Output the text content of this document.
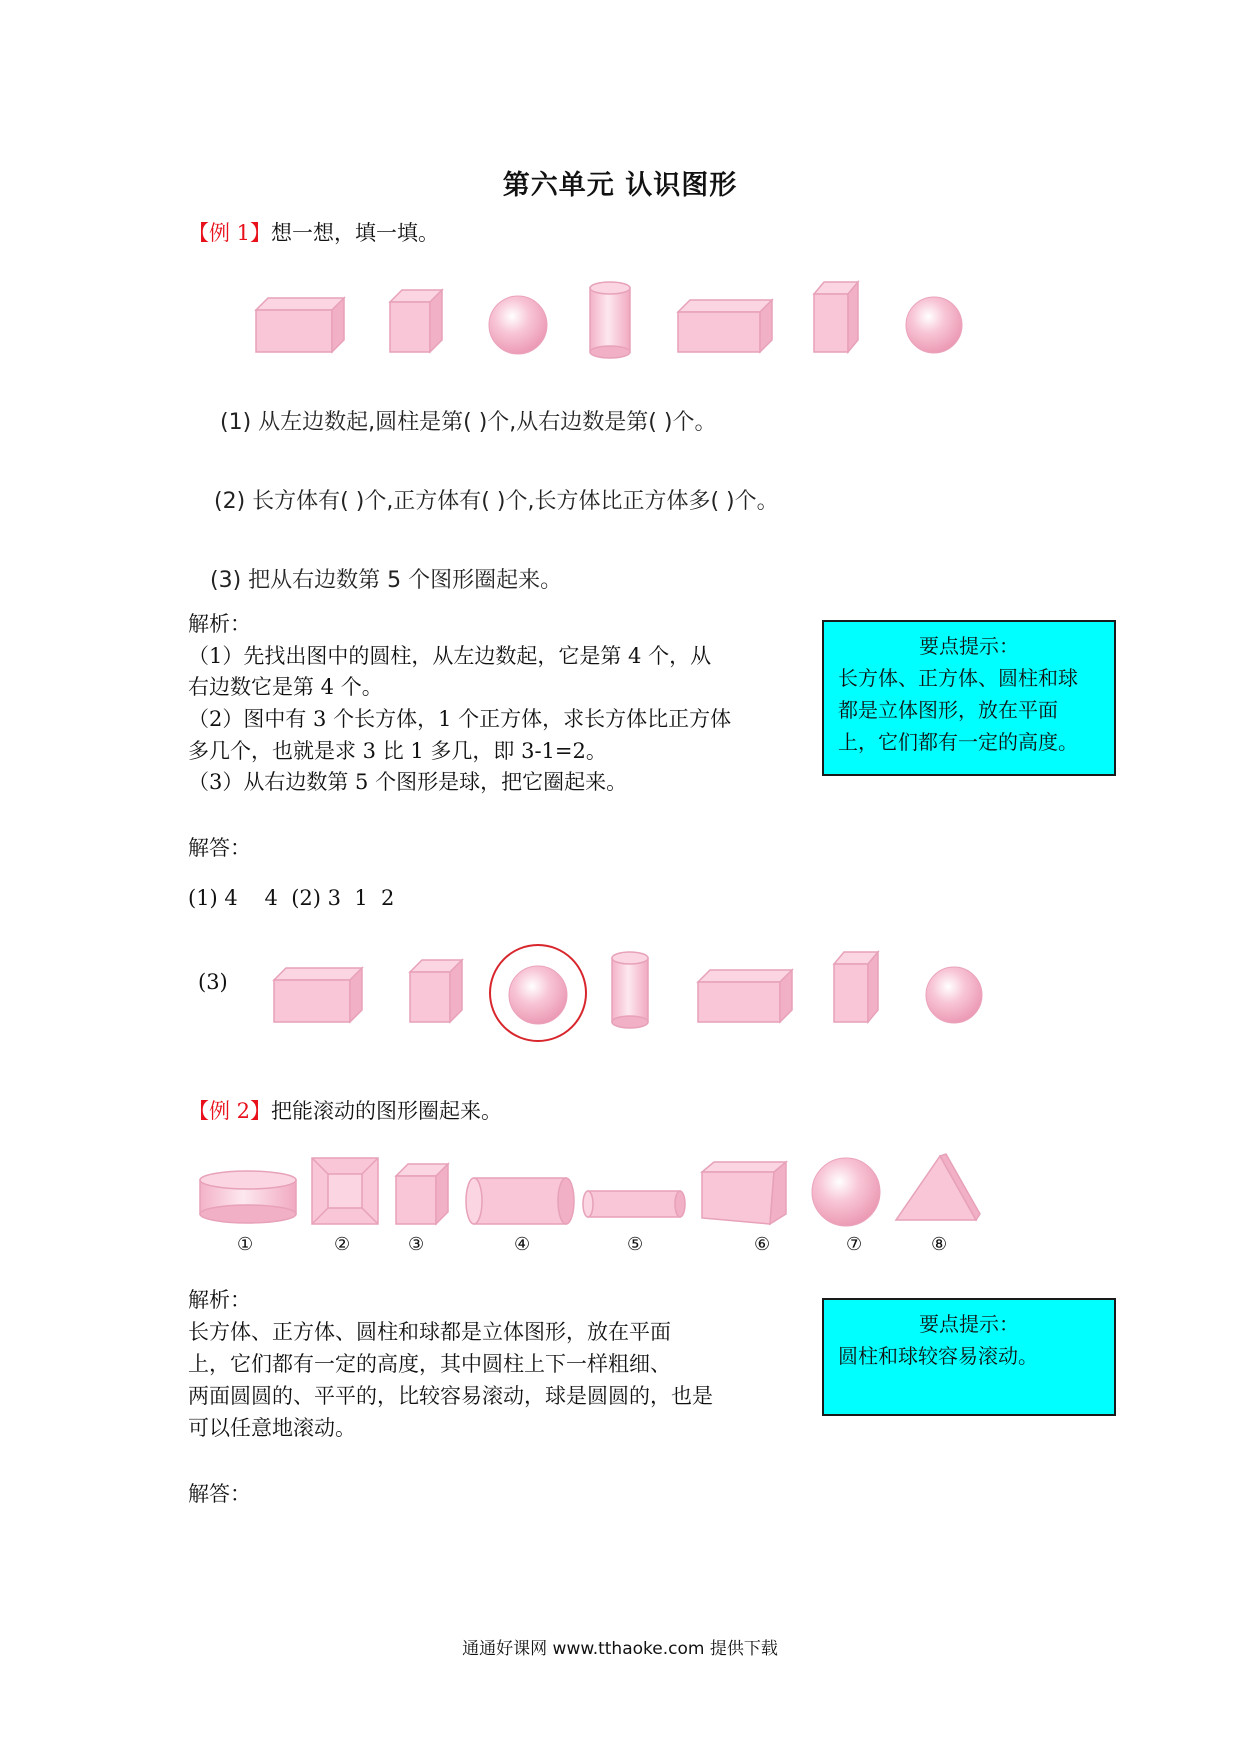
第六单元 认识图形
【例 1】想一想，填一填。
(1) 从左边数起,圆柱是第( )个,从右边数是第( )个。
(2) 长方体有( )个,正方体有( )个,长方体比正方体多( )个。
(3) 把从右边数第 5 个图形圈起来。
解析：
（1）先找出图中的圆柱，从左边数起，它是第 4 个，从
右边数它是第 4 个。
（2）图中有 3 个长方体，1 个正方体，求长方体比正方体
多几个，也就是求 3 比 1 多几，即 3-1=2。
（3）从右边数第 5 个图形是球，把它圈起来。
要点提示：
长方体、正方体、圆柱和球
都是立体图形，放在平面
上，它们都有一定的高度。
解答：
(1) 4    4  (2) 3  1  2
(3)
【例 2】把能滚动的图形圈起来。
①	②	③	④	⑤	⑥	⑦	⑧
解析：
长方体、正方体、圆柱和球都是立体图形，放在平面
上，它们都有一定的高度，其中圆柱上下一样粗细、
两面圆圆的、平平的，比较容易滚动，球是圆圆的，也是
可以任意地滚动。
要点提示：
圆柱和球较容易滚动。
解答：
通通好课网 www.tthaoke.com 提供下载
